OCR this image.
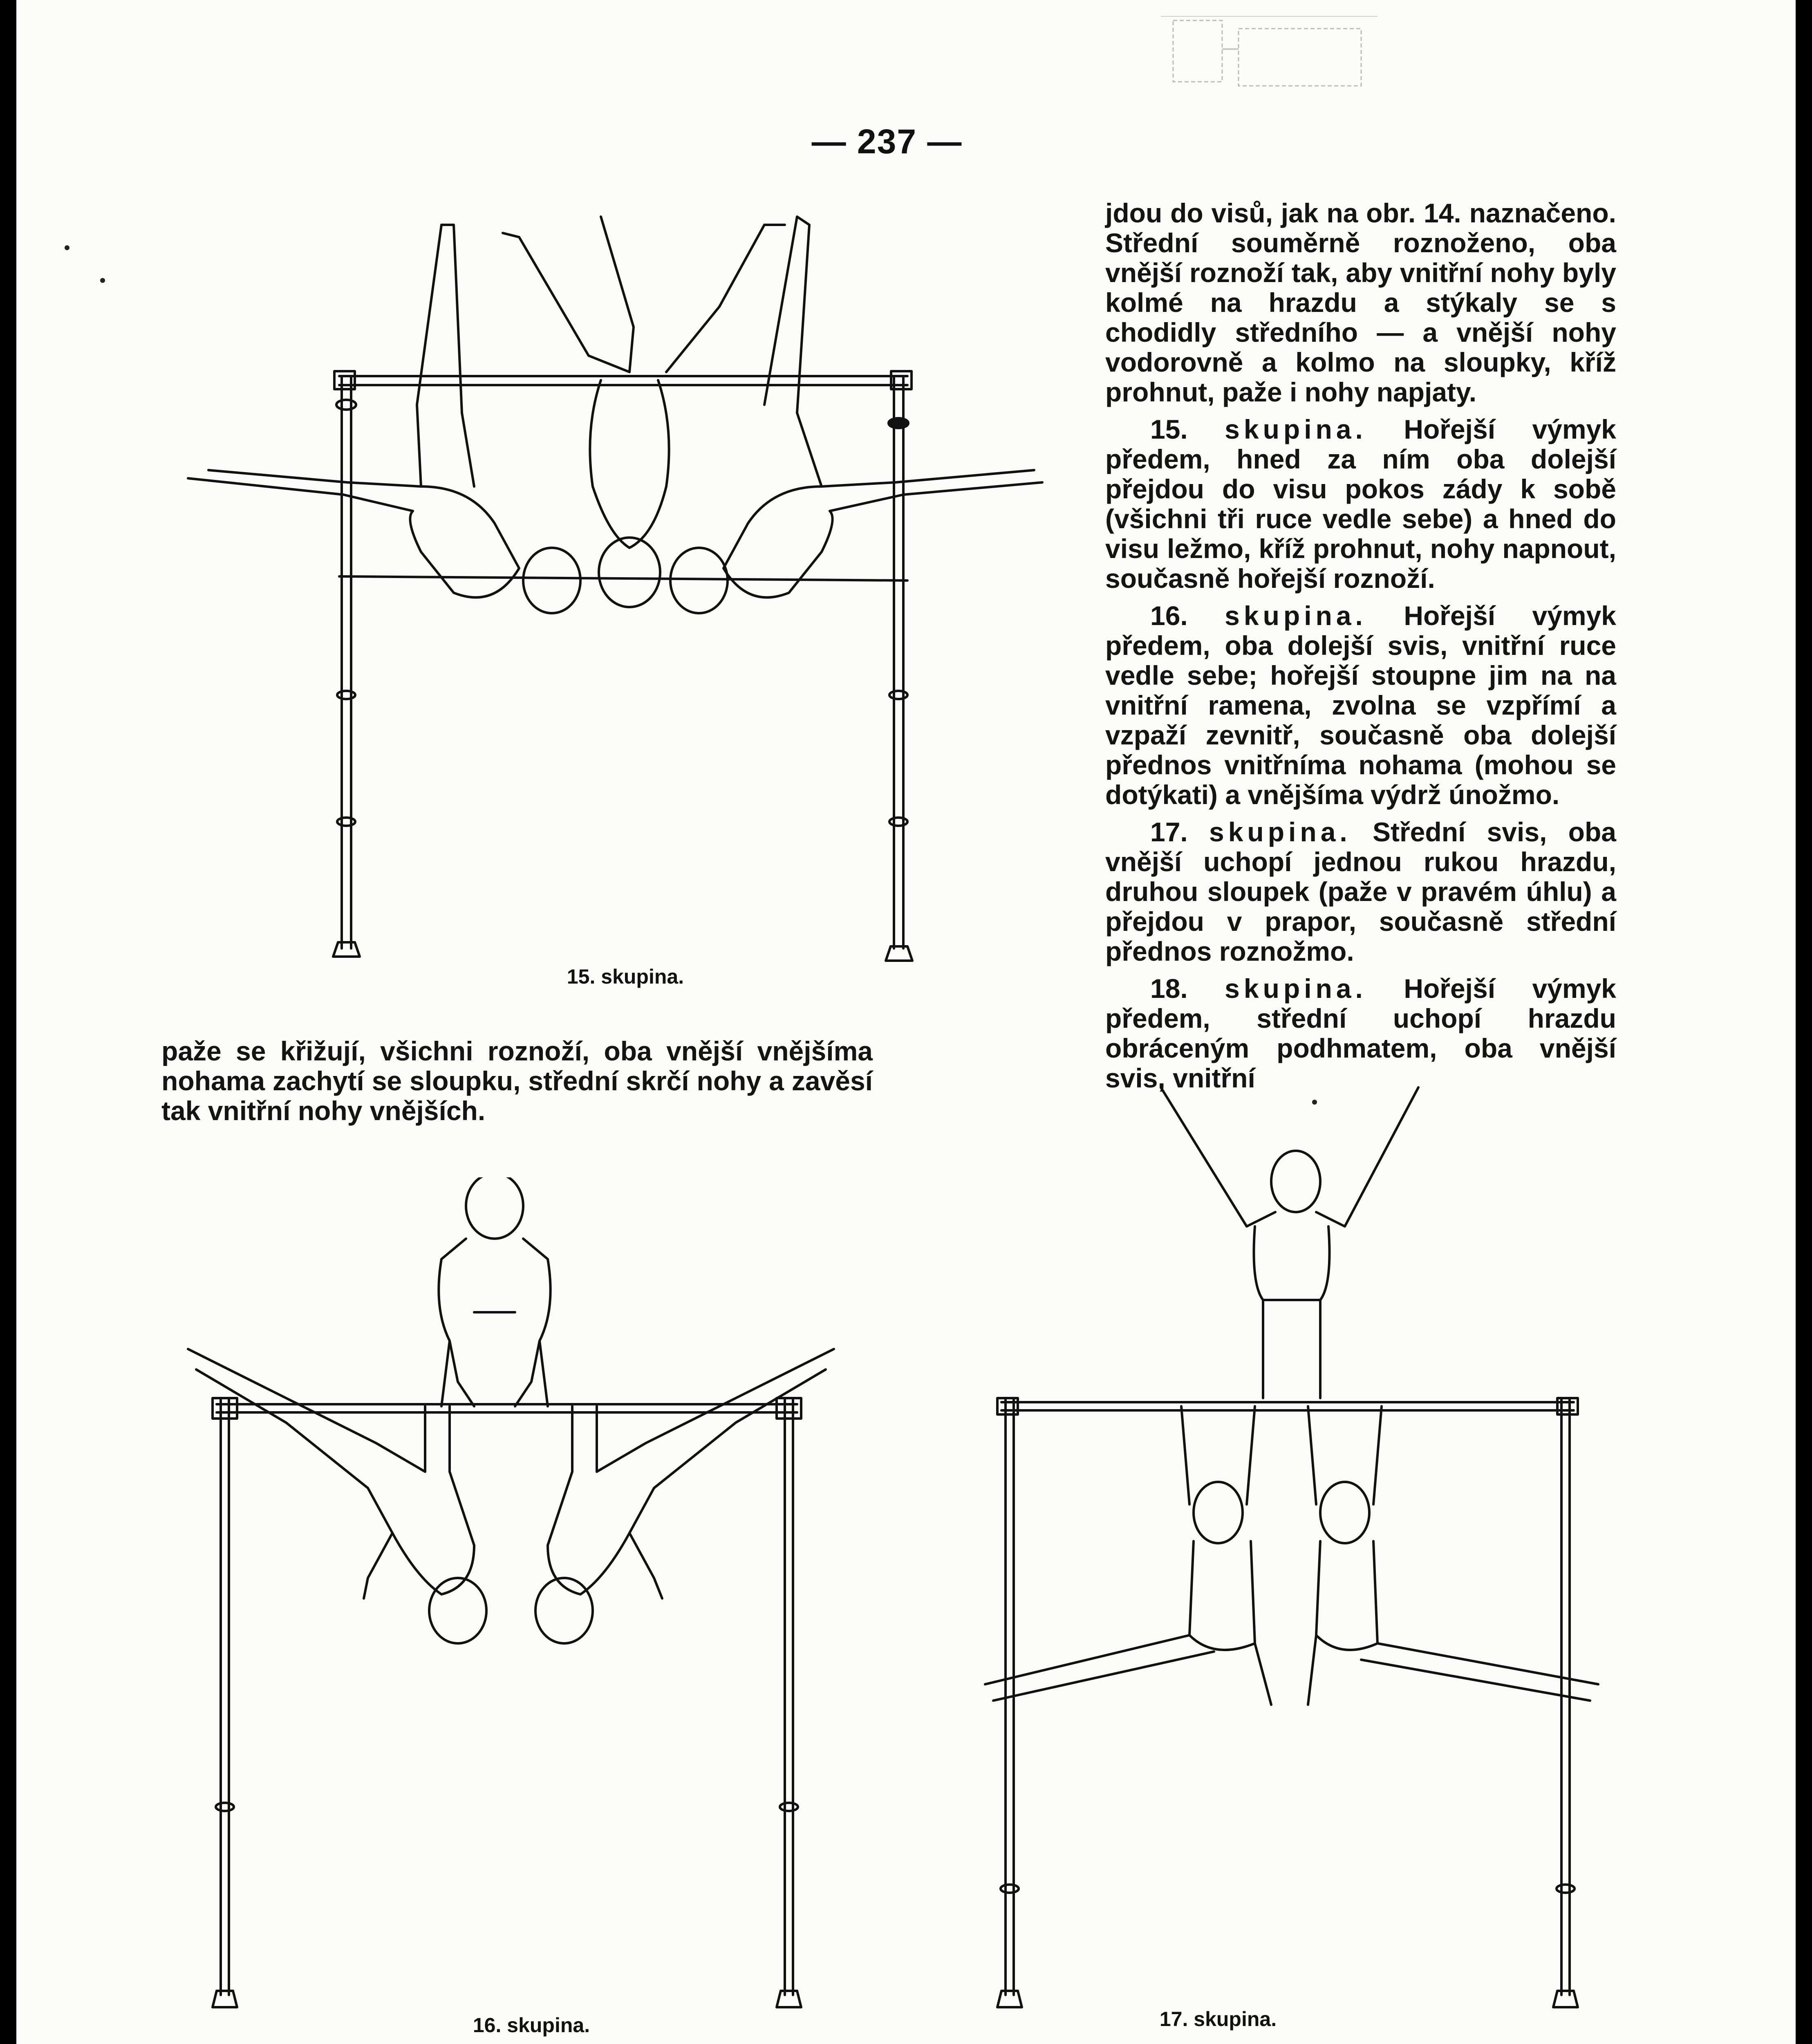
— 237 —

jdou do visů, jak na obr. 14. naznačeno. Střední souměrně roznoženo, oba vnější roznoží tak, aby vnitřní nohy byly kolmé na hrazdu a stýkaly se s chodidly středního — a vnější nohy vodorovně a kolmo na sloupky, kříž prohnut, paže i nohy napjaty.

15. skupina. Hořejší výmyk předem, hned za ním oba dolejší přejdou do visu pokos zády k sobě (všichni tři ruce vedle sebe) a hned do visu ležmo, kříž prohnut, nohy napnout, současně hořejší roznoží.

16. skupina. Hořejší výmyk předem, oba dolejší svis, vnitřní ruce vedle sebe; hořejší stoupne jim na na vnitřní ramena, zvolna se vzpřímí a vzpaží zevnitř, současně oba dolejší přednos vnitřníma nohama (mohou se dotýkati) a vnějšíma výdrž únožmo.

17. skupina. Střední svis, oba vnější uchopí jednou rukou hrazdu, druhou sloupek (paže v pravém úhlu) a přejdou v prapor, současně střední přednos roznožmo.

18. skupina. Hořejší výmyk předem, střední uchopí hrazdu obráceným podhmatem, oba vnější svis, vnitřní

paže se křižují, všichni roznoží, oba vnější vnějšíma nohama zachytí se sloupku, střední skrčí nohy a zavěsí tak vnitřní nohy vnějších.

15. skupina.
16. skupina.	17. skupina.
